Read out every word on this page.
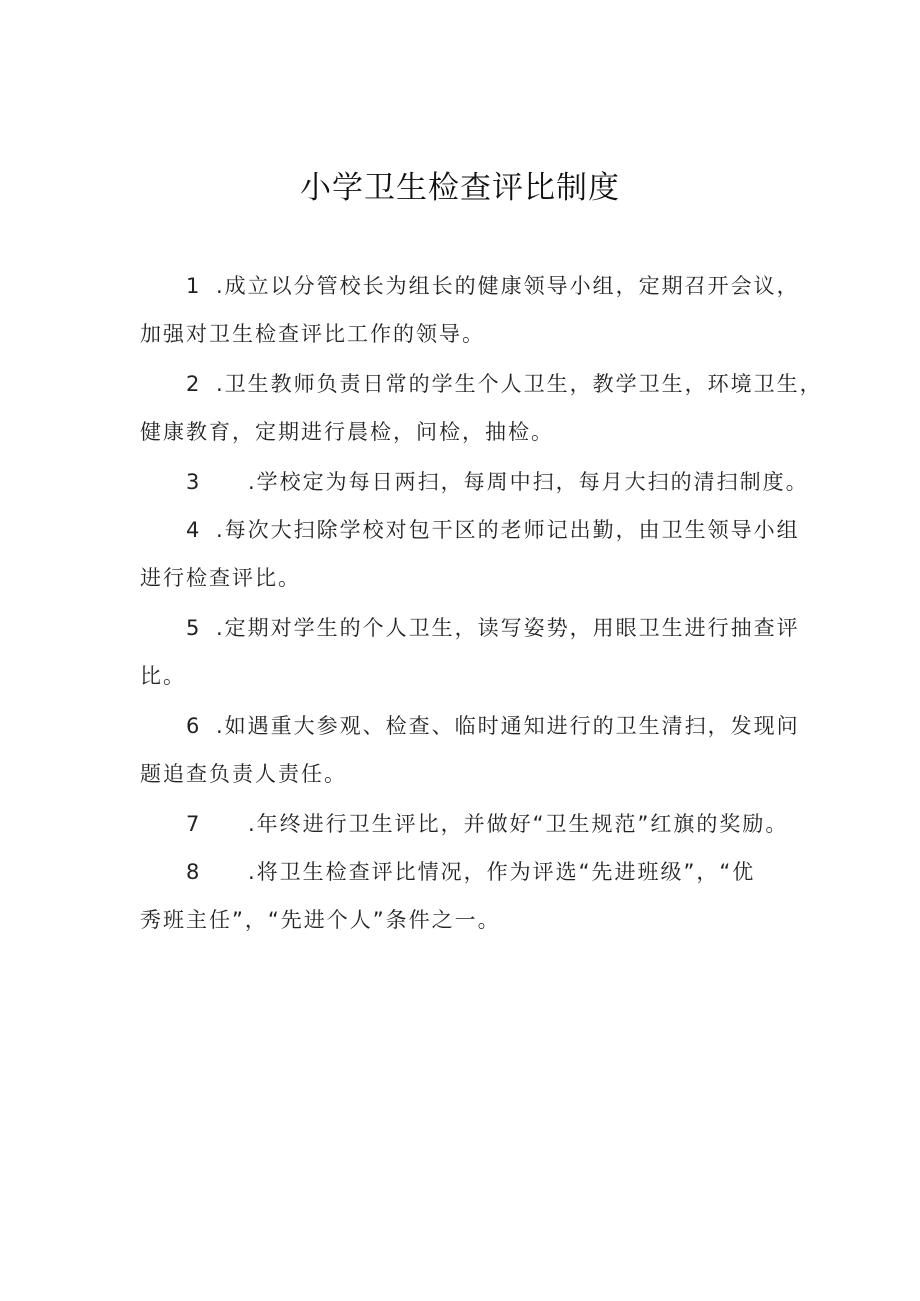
小学卫生检查评比制度
1 .成立以分管校长为组长的健康领导小组，定期召开会议，
加强对卫生检查评比工作的领导。
2 .卫生教师负责日常的学生个人卫生，教学卫生，环境卫生，
健康教育，定期进行晨检，问检，抽检。
3 .学校定为每日两扫，每周中扫，每月大扫的清扫制度。
4 .每次大扫除学校对包干区的老师记出勤，由卫生领导小组
进行检查评比。
5 .定期对学生的个人卫生，读写姿势，用眼卫生进行抽查评
比。
6 .如遇重大参观、检查、临时通知进行的卫生清扫，发现问
题追查负责人责任。
7 .年终进行卫生评比，并做好“卫生规范”红旗的奖励。
8 .将卫生检查评比情况，作为评选“先进班级”，“优
秀班主任”，“先进个人”条件之一。
